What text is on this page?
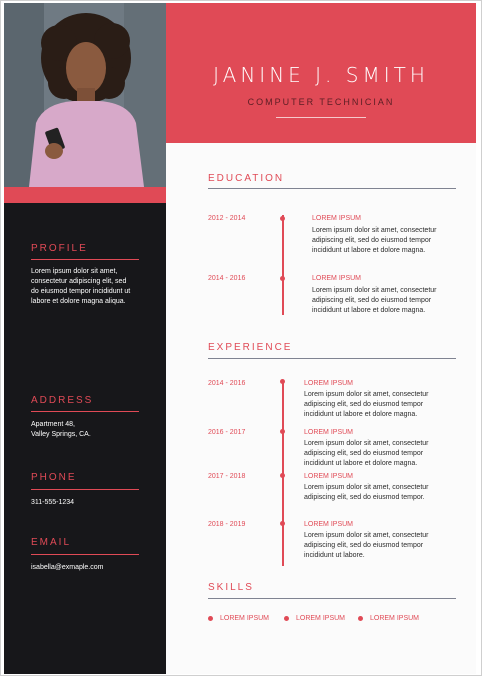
PROFILE
Lorem ipsum dolor sit amet,
consectetur adipiscing elit, sed
do eiusmod tempor incididunt ut
labore et dolore magna aliqua.
ADDRESS
Apartment 48,
Valley Springs, CA.
PHONE
311-555-1234
EMAIL
isabella@exmaple.com
JANINE J. SMITH
COMPUTER TECHNICIAN
EDUCATION
2012 - 2014	LOREM IPSUM
Lorem ipsum dolor sit amet, consectetur
adipiscing elit, sed do eiusmod tempor
incididunt ut labore et dolore magna.
2014 - 2016	LOREM IPSUM
Lorem ipsum dolor sit amet, consectetur
adipiscing elit, sed do eiusmod tempor
incididunt ut labore et dolore magna.
EXPERIENCE
2014 - 2016	LOREM IPSUM
Lorem ipsum dolor sit amet, consectetur
adipiscing elit, sed do eiusmod tempor
incididunt ut labore et dolore magna.
2016 - 2017	LOREM IPSUM
Lorem ipsum dolor sit amet, consectetur
adipiscing elit, sed do eiusmod tempor
incididunt ut labore et dolore magna.
2017 - 2018	LOREM IPSUM
Lorem ipsum dolor sit amet, consectetur
adipiscing elit, sed do eiusmod tempor.
2018 - 2019	LOREM IPSUM
Lorem ipsum dolor sit amet, consectetur
adipiscing elit, sed do eiusmod tempor
incididunt ut labore.
SKILLS
LOREM IPSUM	LOREM IPSUM	LOREM IPSUM
